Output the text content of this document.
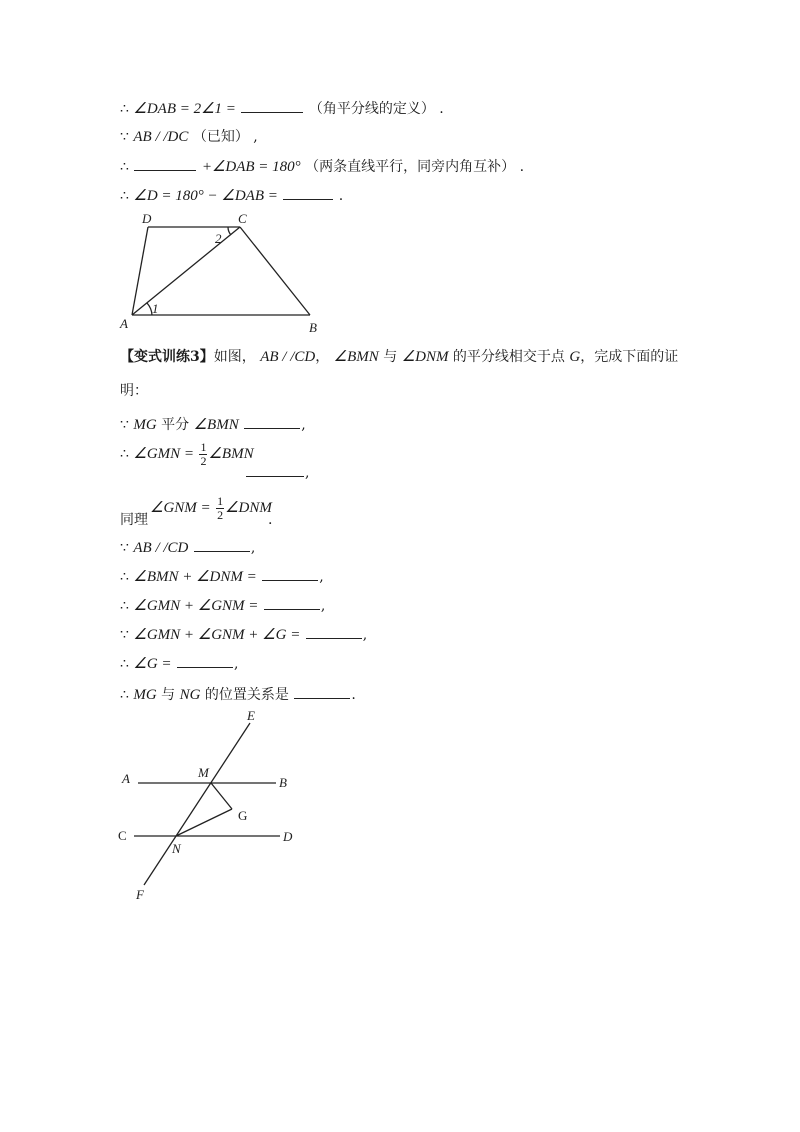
∴ ∠DAB = 2∠1 =	（角平分线的定义） .
∵ AB / /DC （已知） ,
∴	+∠DAB = 180° （两条直线平行，同旁内角互补） .
∴ ∠D = 180° − ∠DAB =	.
D	C
2
A
1
B
【变式训练3】如图， AB / /CD， ∠BMN 与 ∠DNM 的平分线相交于点 G，完成下面的证
明：
∵ MG 平分 ∠BMN	,
∴ ∠GMN = $\frac{1}{2}$ ∠BMN
,
∠GNM = $\frac{1}{2}$ ∠DNM
同理	.
∵ AB / /CD	,
∴ ∠BMN + ∠DNM =	,
∴ ∠GMN + ∠GNM =	,
∵ ∠GMN + ∠GNM + ∠G =	,
∴ ∠G =	,
∴ MG 与 NG 的位置关系是	.
E
A	M
B
G
C
N
D
F
